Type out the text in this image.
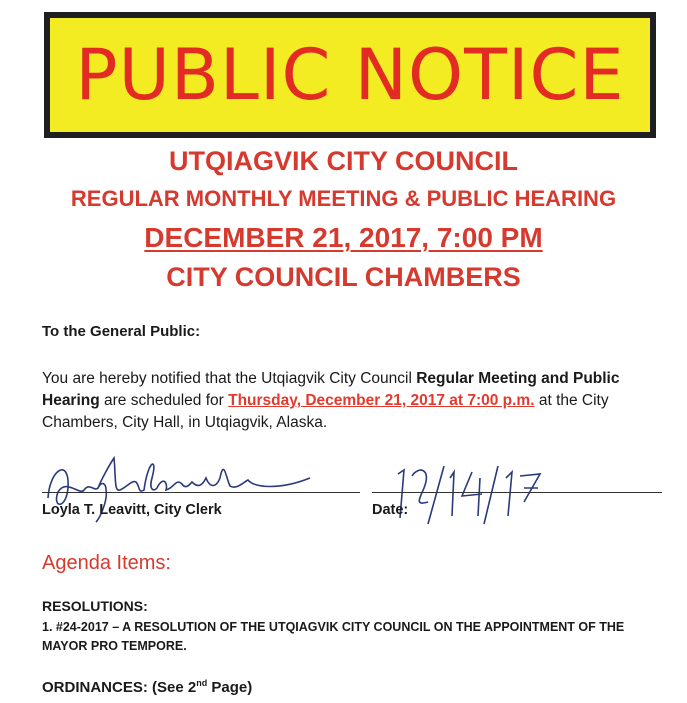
PUBLIC NOTICE
UTQIAGVIK CITY COUNCIL
REGULAR MONTHLY MEETING & PUBLIC HEARING
DECEMBER 21, 2017, 7:00 PM
CITY COUNCIL CHAMBERS
To the General Public:
You are hereby notified that the Utqiagvik City Council Regular Meeting and Public Hearing are scheduled for Thursday, December 21, 2017 at 7:00 p.m. at the City Chambers, City Hall, in Utqiagvik, Alaska.
Loyla T. Leavitt, City Clerk	Date:
Agenda Items:
RESOLUTIONS:
1. #24-2017 – A RESOLUTION OF THE UTQIAGVIK CITY COUNCIL ON THE APPOINTMENT OF THE MAYOR PRO TEMPORE.
ORDINANCES: (See 2nd Page)
